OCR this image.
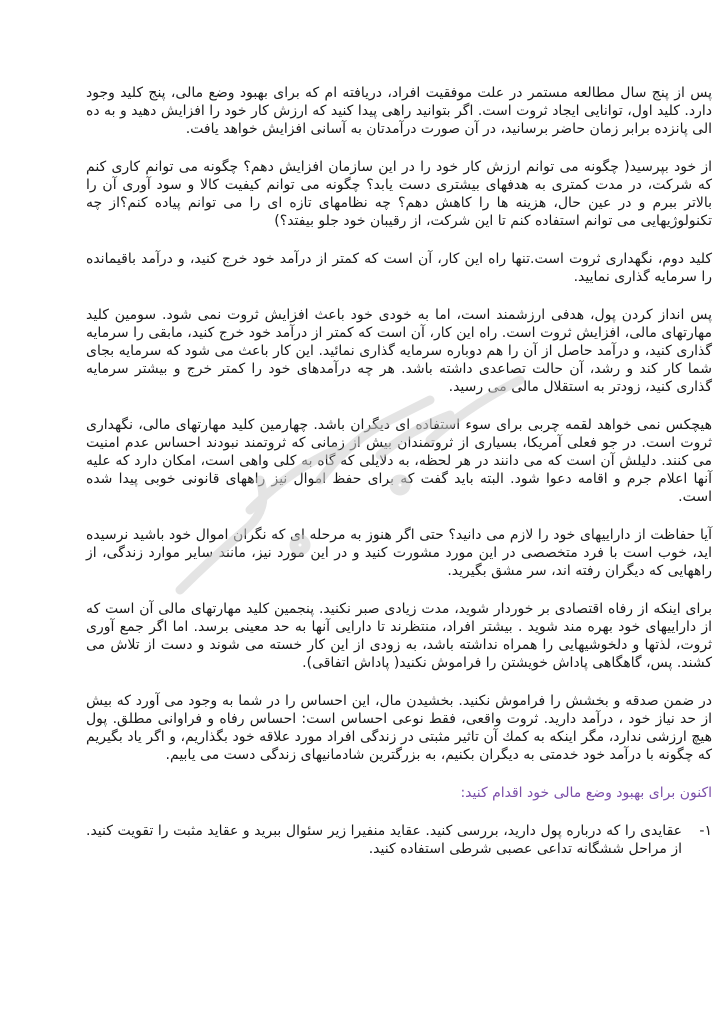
پس از پنج سال مطالعه مستمر در علت موفقیت افراد، دریافته ام که برای بهبود وضع مالی، پنج کلید وجود دارد. کلید اول، توانایی ایجاد ثروت است. اگر بتوانید راهی پیدا کنید که ارزش کار خود را افزایش دهید و به ده الی پانزده برابر زمان حاضر برسانید، در آن صورت درآمدتان به آسانی افزایش خواهد یافت.

از خود بپرسید( چگونه می توانم ارزش کار خود را در این سازمان افزایش دهم؟ چگونه می توانم کاری کنم که شرکت، در مدت کمتری به هدفهای بیشتری دست یابد؟ چگونه می توانم کیفیت کالا و سود آوری آن را بالاتر ببرم و در عین حال، هزینه ها را کاهش دهم؟ چه نظامهای تازه ای را می توانم پیاده کنم؟از چه تکنولوژیهایی می توانم استفاده کنم تا این شرکت، از رقیبان خود جلو بیفتد؟)

کلید دوم، نگهداری ثروت است.تنها راه این کار، آن است که کمتر از درآمد خود خرج کنید، و درآمد باقیمانده را سرمایه گذاری نمایید.

پس انداز کردن پول، هدفی ارزشمند است، اما به خودی خود باعث افزایش ثروت نمی شود. سومین کلید مهارتهای مالی، افزایش ثروت است. راه این کار، آن است که کمتر از درآمد خود خرج کنید، مابقی را سرمایه گذاری کنید، و درآمد حاصل از آن را هم دوباره سرمایه گذاری نمائید. این کار باعث می شود که سرمایه بجای شما کار کند و رشد، آن حالت تصاعدی داشته باشد. هر چه درآمدهای خود را کمتر خرج و بیشتر سرمایه گذاری کنید، زودتر به استقلال مالی می رسید.

هیچکس نمی خواهد لقمه چربی برای سوء استفاده ای دیگران باشد. چهارمین کلید مهارتهای مالی، نگهداری ثروت است. در جو فعلی آمریکا، بسیاری از ثروتمندان بیش از زمانی که ثروتمند نبودند احساس عدم امنیت می کنند. دلیلش آن است که می دانند در هر لحظه، به دلایلی که گاه به کلی واهی است، امکان دارد که علیه آنها اعلام جرم و اقامه دعوا شود. البته باید گفت که برای حفظ اموال نیز راههای قانونی خوبی پیدا شده است.

آیا حفاظت از داراییهای خود را لازم می دانید؟ حتی اگر هنوز به مرحله ای که نگران اموال خود باشید نرسیده اید، خوب است با فرد متخصصی در این مورد مشورت کنید و در این مورد نیز، مانند سایر موارد زندگی، از راههایی که دیگران رفته اند، سر مشق بگیرید.

برای اینکه از رفاه اقتصادی بر خوردار شوید، مدت زیادی صبر نکنید. پنجمین کلید مهارتهای مالی آن است که از داراییهای خود بهره مند شوید . بیشتر افراد، منتظرند تا دارایی آنها به حد معینی برسد. اما اگر جمع آوری ثروت، لذتها و دلخوشیهایی را همراه نداشته باشد، به زودی از این کار خسته می شوند و دست از تلاش می کشند. پس، گاهگاهی پاداش خویشتن را فراموش نکنید( پاداش اتفاقی).

در ضمن صدقه و بخشش را فراموش نکنید. بخشیدن مال، این احساس را در شما به وجود می آورد که بیش از حد نیاز خود ، درآمد دارید. ثروت واقعی، فقط نوعی احساس است: احساس رفاه و فراوانی مطلق. پول هیچ ارزشی ندارد، مگر اینکه به کمك آن تاثیر مثبتی در زندگی افراد مورد علاقه خود بگذاریم، و اگر یاد بگیریم که چگونه با درآمد خود خدمتی به دیگران بکنیم، به بزرگترین شادمانیهای زندگی دست می یابیم.

اکنون برای بهبود وضع مالی خود اقدام کنید:
۱-
عقایدی را که درباره پول دارید، بررسی کنید. عقاید منفیرا زیر سئوال ببرید و عقاید مثبت را تقویت کنید. از مراحل ششگانه تداعی عصبی شرطی استفاده کنید.
